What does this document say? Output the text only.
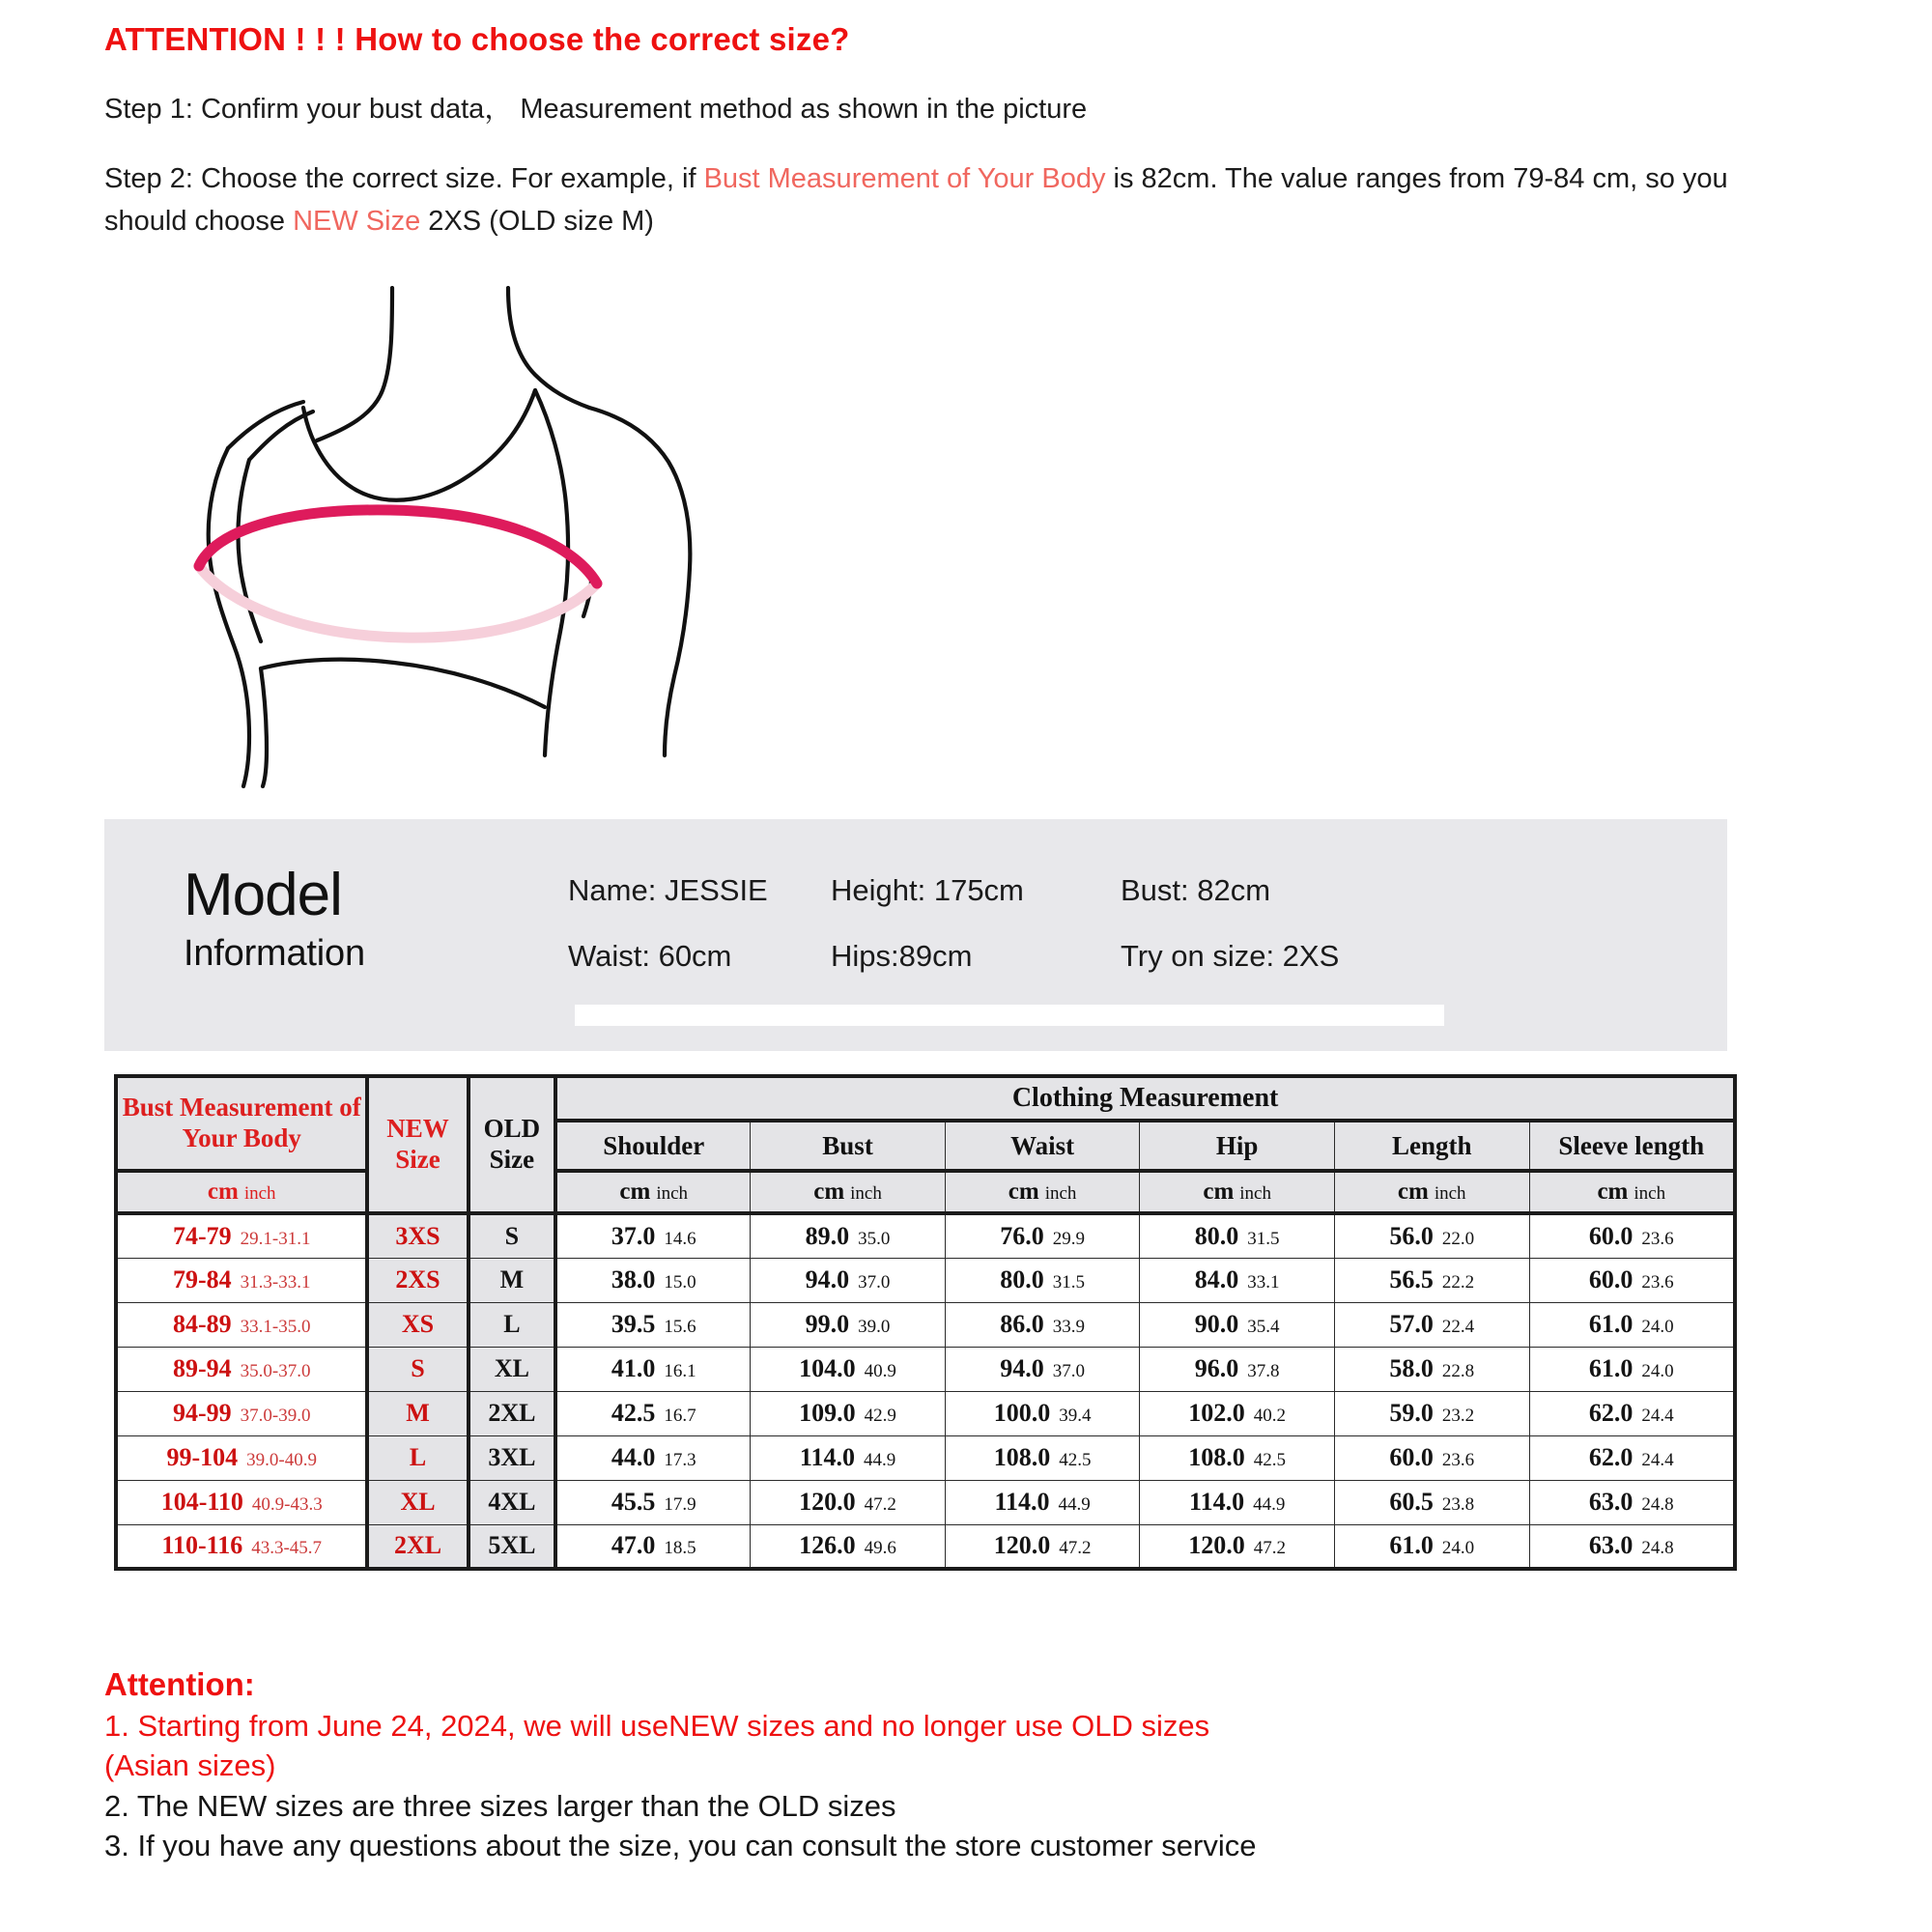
ATTENTION ! ! ! How to choose the correct size?
Step 1: Confirm your bust data， Measurement method as shown in the picture
Step 2: Choose the correct size. For example, if Bust Measurement of Your Body is 82cm. The value ranges from 79-84 cm, so you should choose NEW Size 2XS (OLD size M)
Model
Information
Name: JESSIE	Height: 175cm	Bust: 82cm
Waist: 60cm	Hips:89cm	Try on size: 2XS
Bust Measurement of Your Body	NEW Size	OLD Size	Clothing Measurement					
			Shoulder	Bust	Waist	Hip	Length	Sleeve length
cm inch			cm inch	cm inch	cm inch	cm inch	cm inch	cm inch

74-79 29.1-31.1	3XS	S	37.0 14.6	89.0 35.0	76.0 29.9	80.0 31.5	56.0 22.0	60.0 23.6

79-84 31.3-33.1	2XS	M	38.0 15.0	94.0 37.0	80.0 31.5	84.0 33.1	56.5 22.2	60.0 23.6

84-89 33.1-35.0	XS	L	39.5 15.6	99.0 39.0	86.0 33.9	90.0 35.4	57.0 22.4	61.0 24.0

89-94 35.0-37.0	S	XL	41.0 16.1	104.0 40.9	94.0 37.0	96.0 37.8	58.0 22.8	61.0 24.0

94-99 37.0-39.0	M	2XL	42.5 16.7	109.0 42.9	100.0 39.4	102.0 40.2	59.0 23.2	62.0 24.4

99-104 39.0-40.9	L	3XL	44.0 17.3	114.0 44.9	108.0 42.5	108.0 42.5	60.0 23.6	62.0 24.4

104-110 40.9-43.3	XL	4XL	45.5 17.9	120.0 47.2	114.0 44.9	114.0 44.9	60.5 23.8	63.0 24.8

110-116 43.3-45.7	2XL	5XL	47.0 18.5	126.0 49.6	120.0 47.2	120.0 47.2	61.0 24.0	63.0 24.8
Attention:

1. Starting from June 24, 2024, we will useNEW sizes and no longer use OLD sizes

(Asian sizes)

2. The NEW sizes are three sizes larger than the OLD sizes

3. If you have any questions about the size, you can consult the store customer service
